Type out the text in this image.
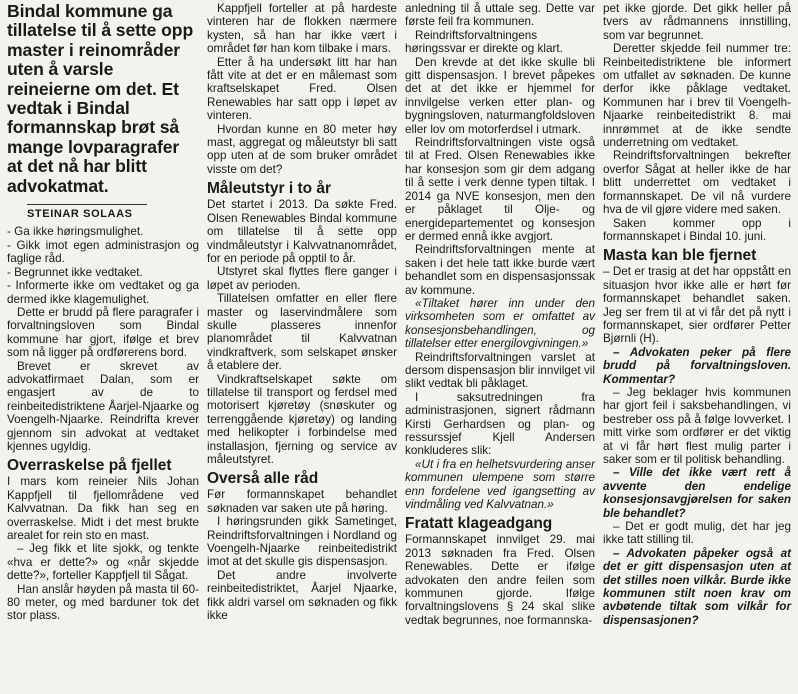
Bindal kommune ga tillatelse til å sette opp master i reinområder uten å varsle reineierne om det. Et vedtak i Bindal formannskap brøt så mange lovparagrafer at det nå har blitt advokatmat.
STEINAR SOLAAS

- Ga ikke høringsmulighet.

- Gikk imot egen administrasjon og faglige råd.

- Begrunnet ikke vedtaket.

- Informerte ikke om vedtaket og ga dermed ikke klagemulighet.

Dette er brudd på flere paragrafer i forvaltningsloven som Bindal kommune har gjort, ifølge et brev som nå ligger på ordførerens bord.

Brevet er skrevet av advokatfirmaet Dalan, som er engasjert av de to reinbeitedistriktene Åarjel-Njaarke og Voengelh-Njaarke. Reindrifta krever gjennom sin advokat at vedtaket kjennes ugyldig.

Overraskelse på fjellet

I mars kom reineier Nils Johan Kappfjell til fjellområdene ved Kalvvatnan. Da fikk han seg en overraskelse. Midt i det mest brukte arealet for rein sto en mast.

– Jeg fikk et lite sjokk, og tenkte «hva er dette?» og «når skjedde dette?», forteller Kappfjell til Sågat.

Han anslår høyden på masta til 60-80 meter, og med barduner tok det stor plass.

Kappfjell forteller at på hardeste vinteren har de flokken nærmere kysten, så han har ikke vært i området før han kom tilbake i mars.

Etter å ha undersøkt litt har han fått vite at det er en målemast som kraftselskapet Fred. Olsen Renewables har satt opp i løpet av vinteren.

Hvordan kunne en 80 meter høy mast, aggregat og måleutstyr bli satt opp uten at de som bruker området visste om det?

Måleutstyr i to år

Det startet i 2013. Da søkte Fred. Olsen Renewables Bindal kommune om tillatelse til å sette opp vindmåleutstyr i Kalvvatnanområdet, for en periode på opptil to år.

Utstyret skal flyttes flere ganger i løpet av perioden.

Tillatelsen omfatter en eller flere master og laservindmålere som skulle plasseres innenfor planområdet til Kalvvatnan vindkraftverk, som selskapet ønsker å etablere der.

Vindkraftselskapet søkte om tillatelse til transport og ferdsel med motorisert kjøretøy (snøskuter og terrenggående kjøretøy) og landing med helikopter i forbindelse med installasjon, fjerning og service av måleutstyret.

Overså alle råd

Før formannskapet behandlet søknaden var saken ute på høring.

I høringsrunden gikk Sametinget, Reindriftsforvaltningen i Nordland og Voengelh-Njaarke reinbeitedistrikt imot at det skulle gis dispensasjon.

Det andre involverte reinbeitedistriktet, Åarjel Njaarke, fikk aldri varsel om søknaden og fikk ikke

anledning til å uttale seg. Dette var første feil fra kommunen.

Reindriftsforvaltningens høringssvar er direkte og klart.

Den krevde at det ikke skulle bli gitt dispensasjon. I brevet påpekes det at det ikke er hjemmel for innvilgelse verken etter plan- og bygningsloven, naturmangfoldsloven eller lov om motorferdsel i utmark.

Reindriftsforvaltningen viste også til at Fred. Olsen Renewables ikke har konsesjon som gir dem adgang til å sette i verk denne typen tiltak. I 2014 ga NVE konsesjon, men den er påklaget til Olje- og energidepartementet og konsesjon er dermed ennå ikke avgjort.

Reindriftsforvaltningen mente at saken i det hele tatt ikke burde vært behandlet som en dispensasjonssak av kommune.

«Tiltaket hører inn under den virksomheten som er omfattet av konsesjonsbehandlingen, og tillatelser etter energilovgivningen.»

Reindriftsforvaltningen varslet at dersom dispensasjon blir innvilget vil slikt vedtak bli påklaget.

I saksutredningen fra administrasjonen, signert rådmann Kirsti Gerhardsen og plan- og ressurssjef Kjell Andersen konkluderes slik:

«Ut i fra en helhetsvurdering anser kommunen ulempene som større enn fordelene ved igangsetting av vindmåling ved Kalvvatnan.»

Fratatt klageadgang

Formannskapet innvilget 29. mai 2013 søknaden fra Fred. Olsen Renewables. Dette er ifølge advokaten den andre feilen som kommunen gjorde. Ifølge forvaltningslovens § 24 skal slike vedtak begrunnes, noe formannska-

pet ikke gjorde. Det gikk heller på tvers av rådmannens innstilling, som var begrunnet.

Deretter skjedde feil nummer tre: Reinbeitedistriktene ble informert om utfallet av søknaden. De kunne derfor ikke påklage vedtaket. Kommunen har i brev til Voengelh-Njaarke reinbeitedistrikt 8. mai innrømmet at de ikke sendte underretning om vedtaket.

Reindriftsforvaltningen bekrefter overfor Sågat at heller ikke de har blitt underrettet om vedtaket i formannskapet. De vil nå vurdere hva de vil gjøre videre med saken.

Saken kommer opp i formannskapet i Bindal 10. juni.

Masta kan ble fjernet

– Det er trasig at det har oppstått en situasjon hvor ikke alle er hørt før formannskapet behandlet saken. Jeg ser frem til at vi får det på nytt i formannskapet, sier ordfører Petter Bjørnli (H).

– Advokaten peker på flere brudd på forvaltningsloven. Kommentar?

– Jeg beklager hvis kommunen har gjort feil i saksbehandlingen, vi bestreber oss på å følge lovverket. I mitt virke som ordfører er det viktig at vi får hørt flest mulig parter i saker som er til politisk behandling.

– Ville det ikke vært rett å avvente den endelige konsesjonsavgjørelsen for saken ble behandlet?

– Det er godt mulig, det har jeg ikke tatt stilling til.

– Advokaten påpeker også at det er gitt dispensasjon uten at det stilles noen vilkår. Burde ikke kommunen stilt noen krav om avbøtende tiltak som vilkår for dispensasjonen?
